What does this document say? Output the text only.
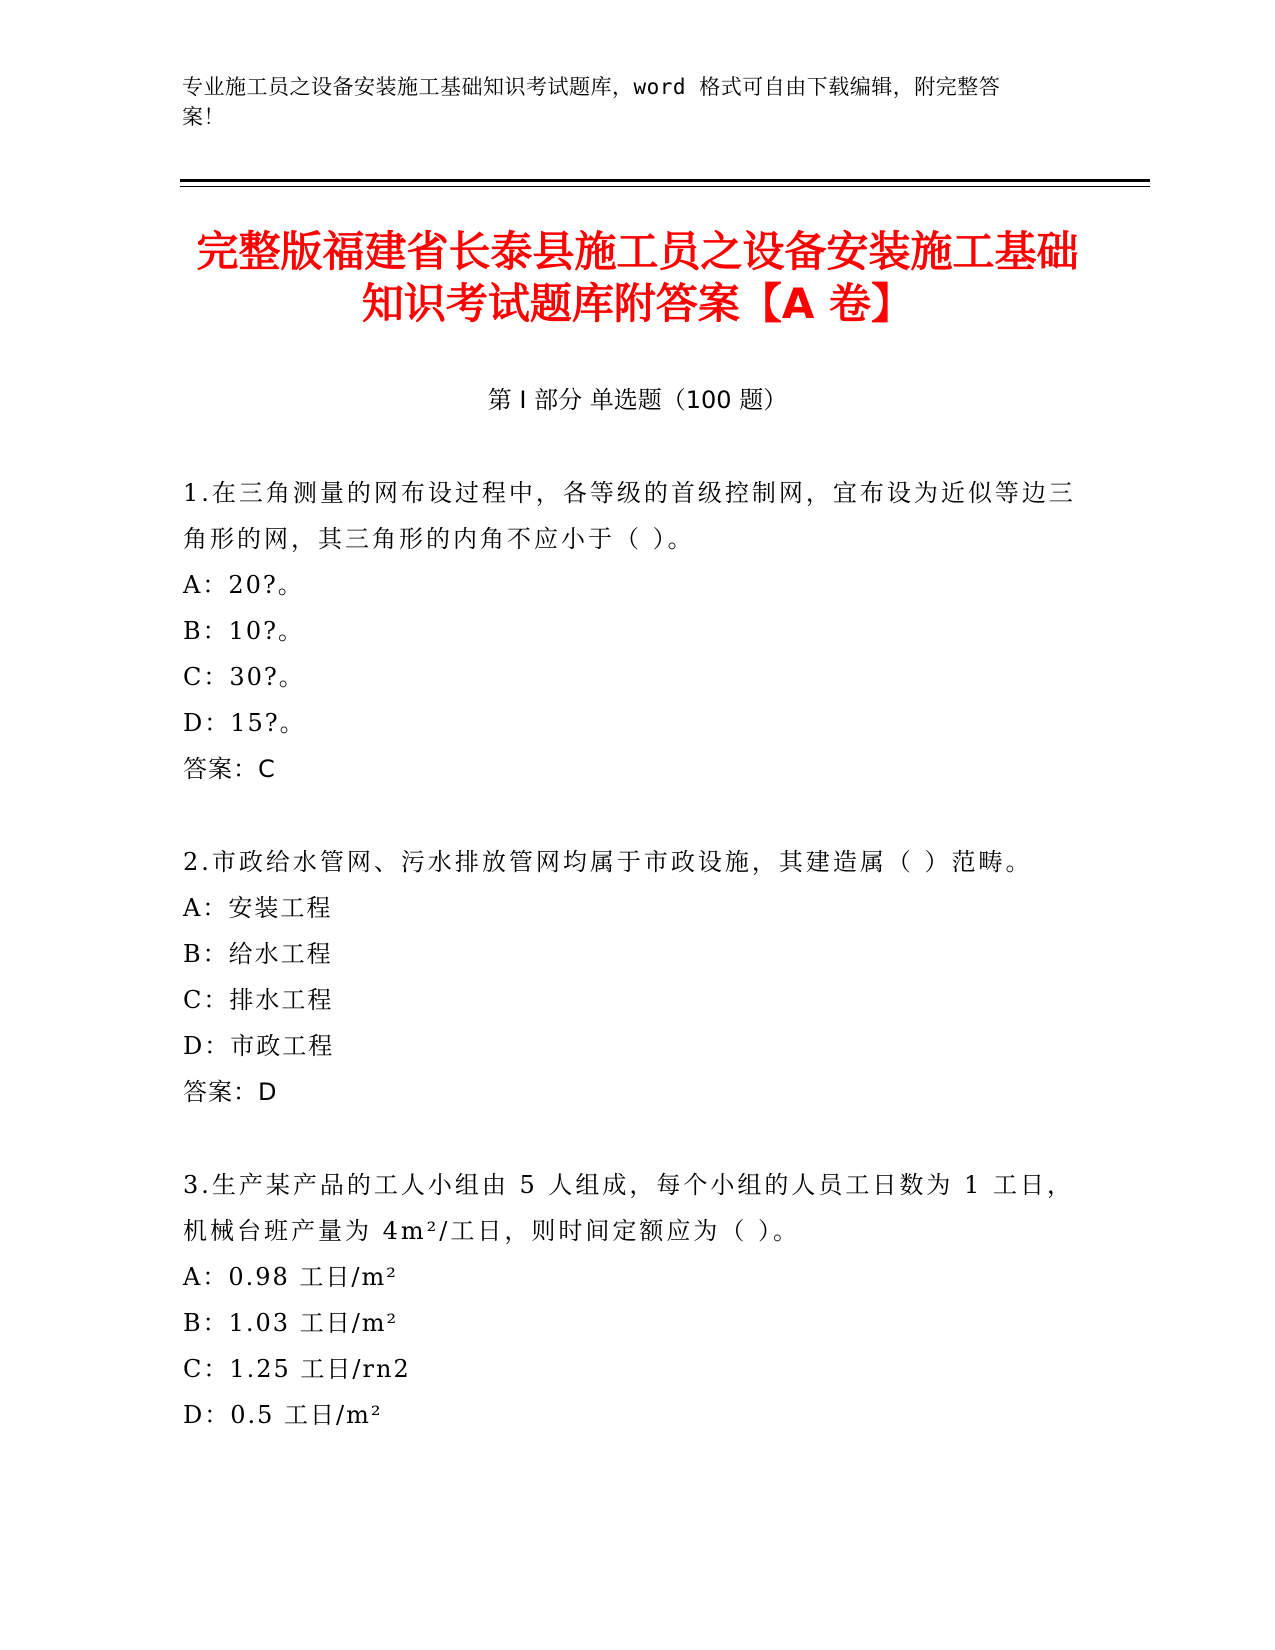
专业施工员之设备安装施工基础知识考试题库，word 格式可自由下载编辑，附完整答案！
完整版福建省长泰县施工员之设备安装施工基础知识考试题库附答案【A 卷】
第 I 部分 单选题（100 题）
1.在三角测量的网布设过程中，各等级的首级控制网，宜布设为近似等边三角形的网，其三角形的内角不应小于（ ）。
A：20?。
B：10?。
C：30?。
D：15?。
答案：C
2.市政给水管网、污水排放管网均属于市政设施，其建造属（ ）范畴。
A：安装工程
B：给水工程
C：排水工程
D：市政工程
答案：D
3.生产某产品的工人小组由 5 人组成，每个小组的人员工日数为 1 工日，机械台班产量为 4m²/工日，则时间定额应为（ ）。
A：0.98 工日/m²
B：1.03 工日/m²
C：1.25 工日/rn2
D：0.5 工日/m²
